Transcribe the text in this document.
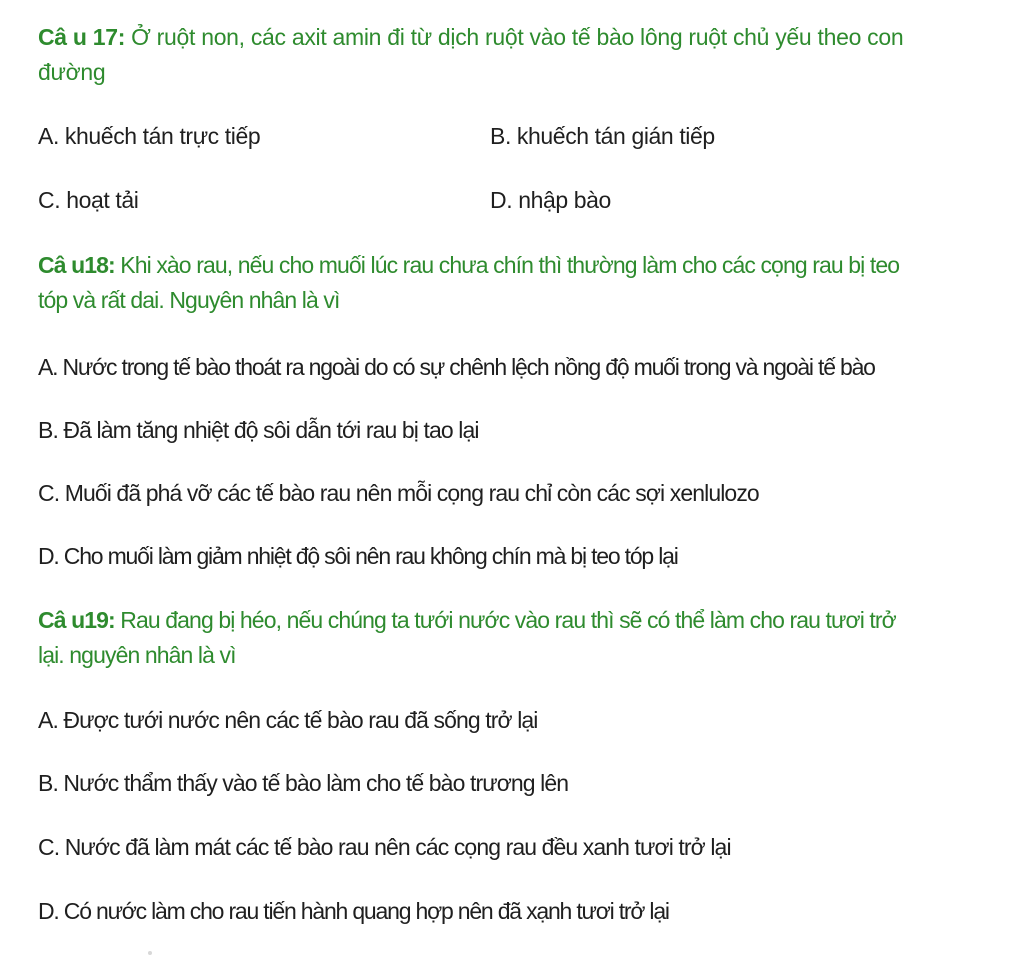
Câ u 17: Ở ruột non, các axit amin đi từ dịch ruột vào tế bào lông ruột chủ yếu theo con
đường
A. khuếch tán trực tiếp	B. khuếch tán gián tiếp
C. hoạt tải	D. nhập bào
Câ u18: Khi xào rau, nếu cho muối lúc rau chưa chín thì thường làm cho các cọng rau bị teo
tóp và rất dai. Nguyên nhân là vì
A. Nước trong tế bào thoát ra ngoài do có sự chênh lệch nồng độ muối trong và ngoài tế bào
B. Đã làm tăng nhiệt độ sôi dẫn tới rau bị tao lại
C. Muối đã phá vỡ các tế bào rau nên mỗi cọng rau chỉ còn các sợi xenlulozo
D. Cho muối làm giảm nhiệt độ sôi nên rau không chín mà bị teo tóp lại
Câ u19: Rau đang bị héo, nếu chúng ta tưới nước vào rau thì sẽ có thể làm cho rau tươi trở
lại. nguyên nhân là vì
A. Được tưới nước nên các tế bào rau đã sống trở lại
B. Nước thẩm thấy vào tế bào làm cho tế bào trương lên
C. Nước đã làm mát các tế bào rau nên các cọng rau đều xanh tươi trở lại
D. Có nước làm cho rau tiến hành quang hợp nên đã xạnh tươi trở lại
